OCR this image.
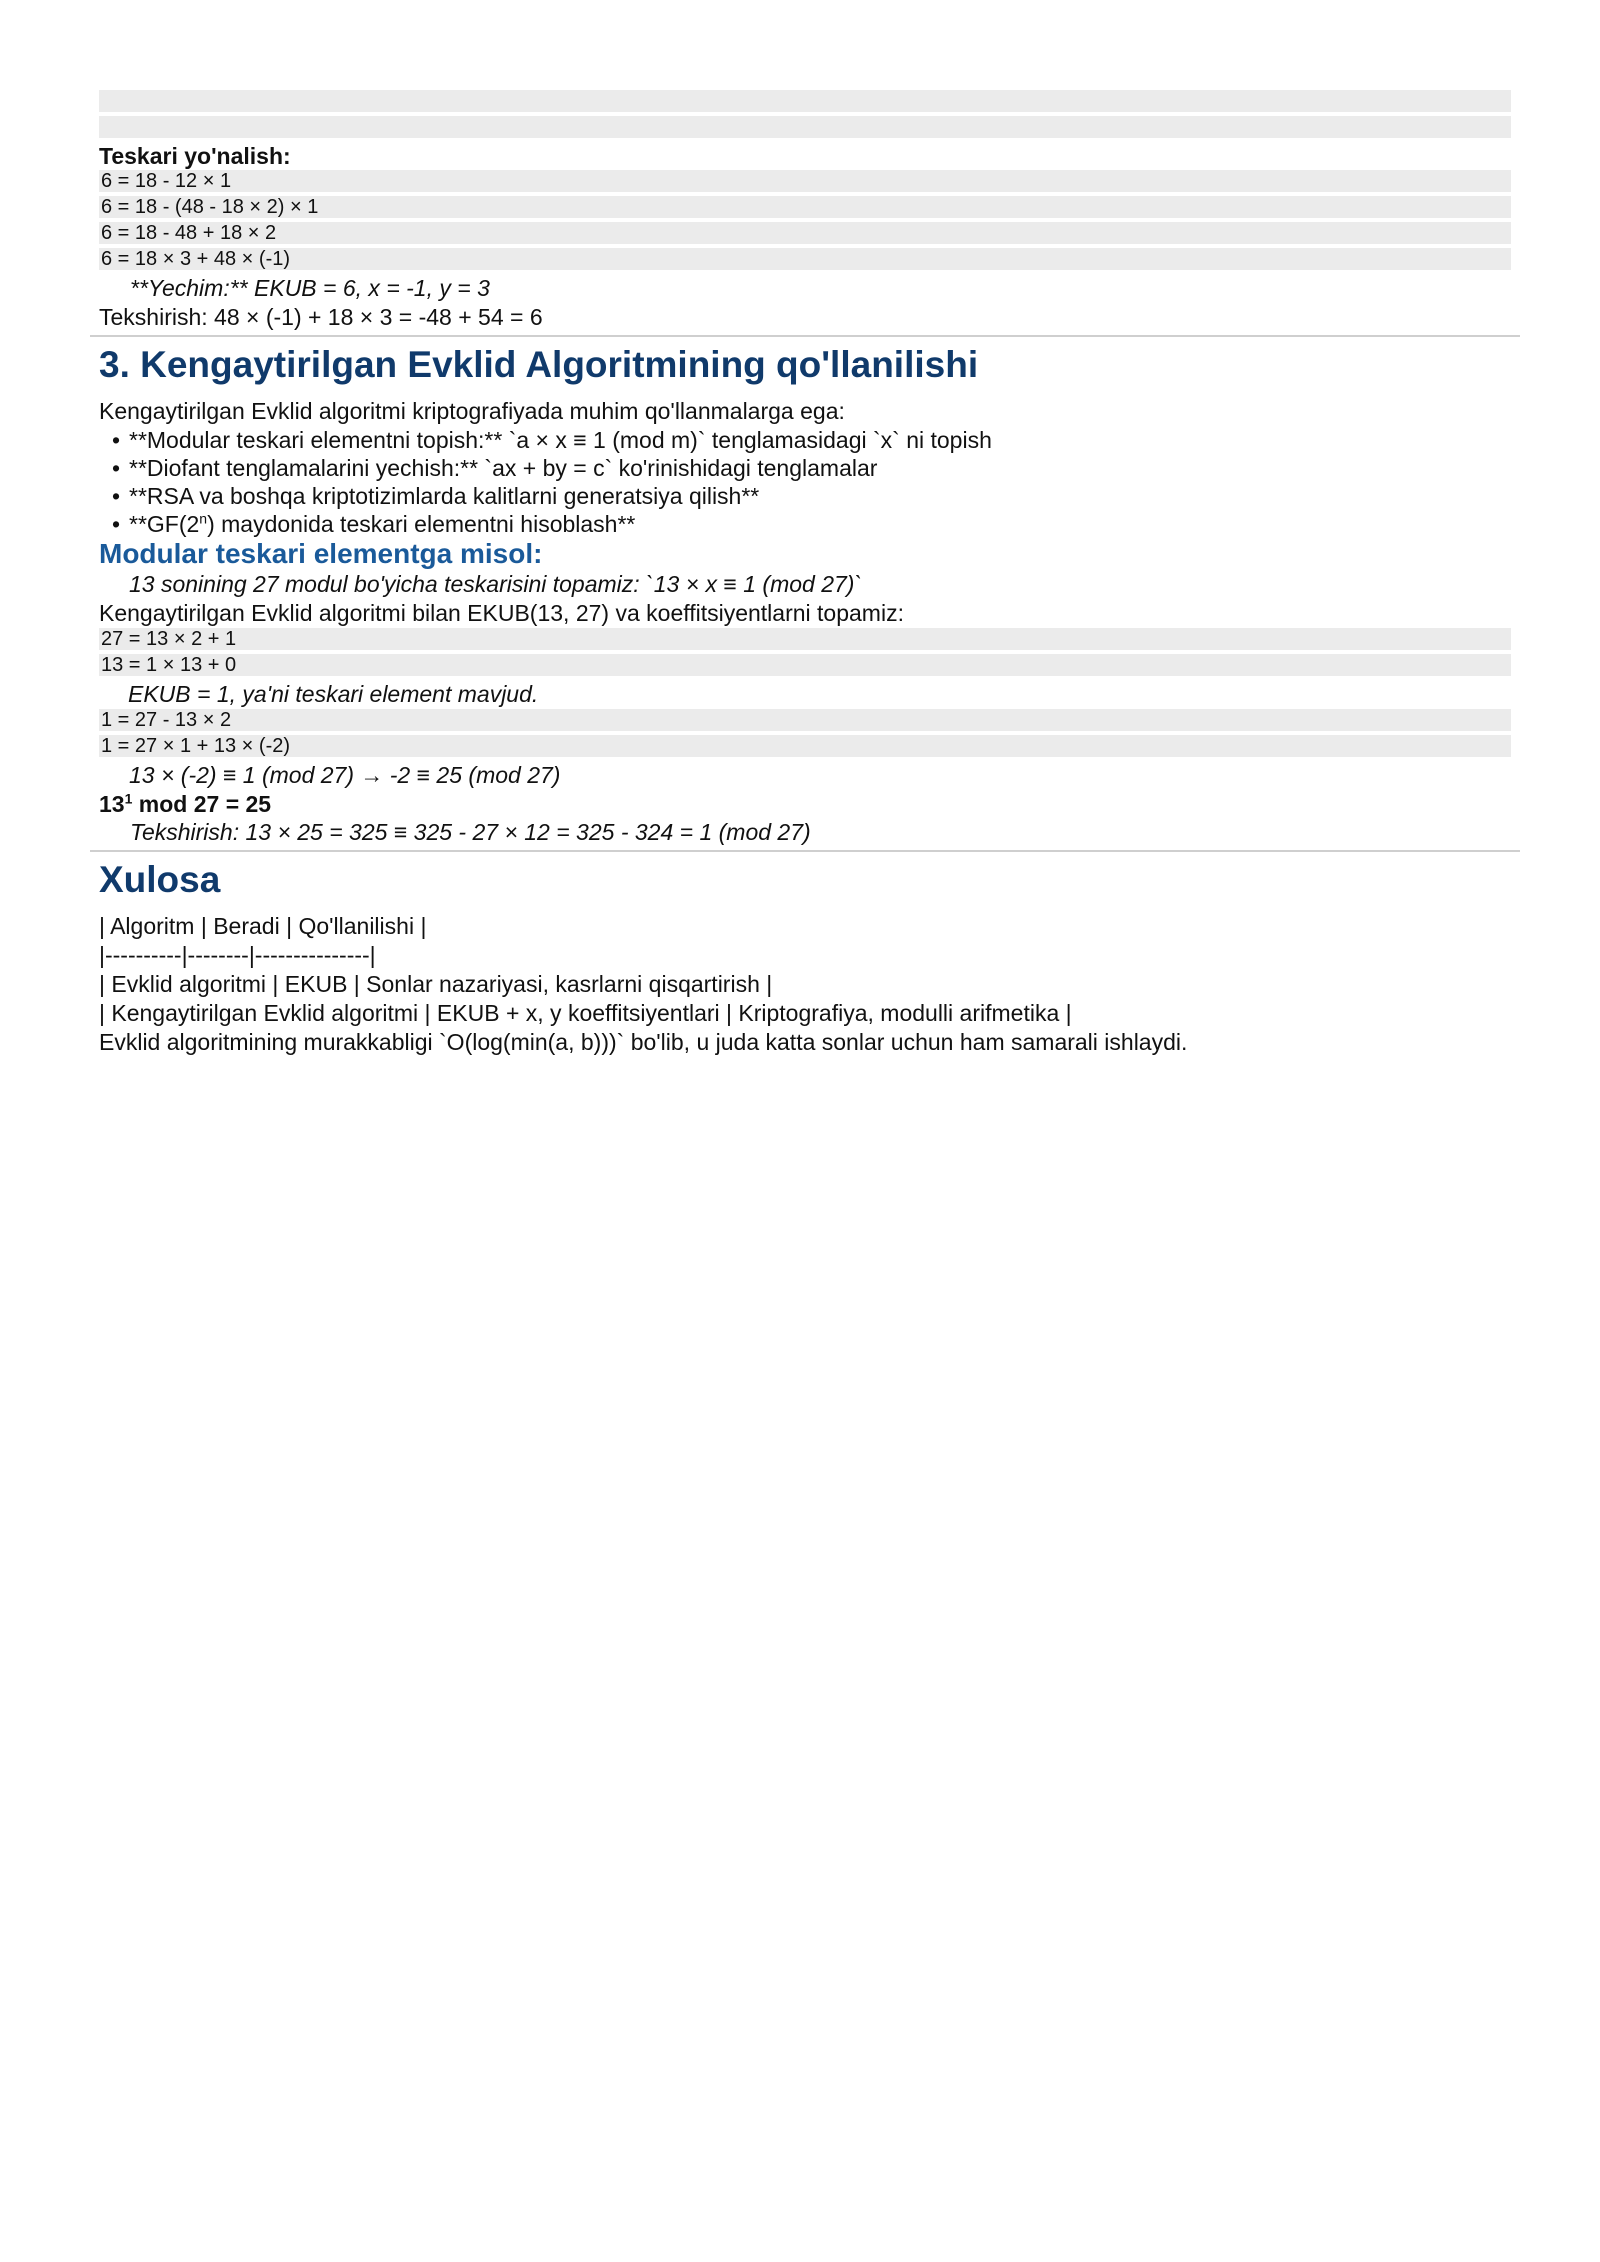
Teskari yo'nalish:
6 = 18 - 12 × 1
6 = 18 - (48 - 18 × 2) × 1
6 = 18 - 48 + 18 × 2
6 = 18 × 3 + 48 × (-1)
**Yechim:** EKUB = 6, x = -1, y = 3
Tekshirish: 48 × (-1) + 18 × 3 = -48 + 54 = 6
3. Kengaytirilgan Evklid Algoritmining qo'llanilishi
Kengaytirilgan Evklid algoritmi kriptografiyada muhim qo'llanmalarga ega:
• **Modular teskari elementni topish:** `a × x ≡ 1 (mod m)` tenglamasidagi `x` ni topish
• **Diofant tenglamalarini yechish:** `ax + by = c` ko'rinishidagi tenglamalar
• **RSA va boshqa kriptotizimlarda kalitlarni generatsiya qilish**
• **GF(2$^n$) maydonida teskari elementni hisoblash**
Modular teskari elementga misol:
13 sonining 27 modul bo'yicha teskarisini topamiz: `13 × x ≡ 1 (mod 27)`
Kengaytirilgan Evklid algoritmi bilan EKUB(13, 27) va koeffitsiyentlarni topamiz:
27 = 13 × 2 + 1
13 = 1 × 13 + 0
EKUB = 1, ya'ni teskari element mavjud.
1 = 27 - 13 × 2
1 = 27 × 1 + 13 × (-2)
13 × (-2) ≡ 1 (mod 27) → -2 ≡ 25 (mod 27)
$13^1$ mod 27 = 25
Tekshirish: 13 × 25 = 325 ≡ 325 - 27 × 12 = 325 - 324 = 1 (mod 27)
Xulosa
| Algoritm | Beradi | Qo'llanilishi |
|----------|--------|---------------|
| Evklid algoritmi | EKUB | Sonlar nazariyasi, kasrlarni qisqartirish |
| Kengaytirilgan Evklid algoritmi | EKUB + x, y koeffitsiyentlari | Kriptografiya, modulli arifmetika |
Evklid algoritmining murakkabligi `O(log(min(a, b)))` bo'lib, u juda katta sonlar uchun ham samarali ishlaydi.
